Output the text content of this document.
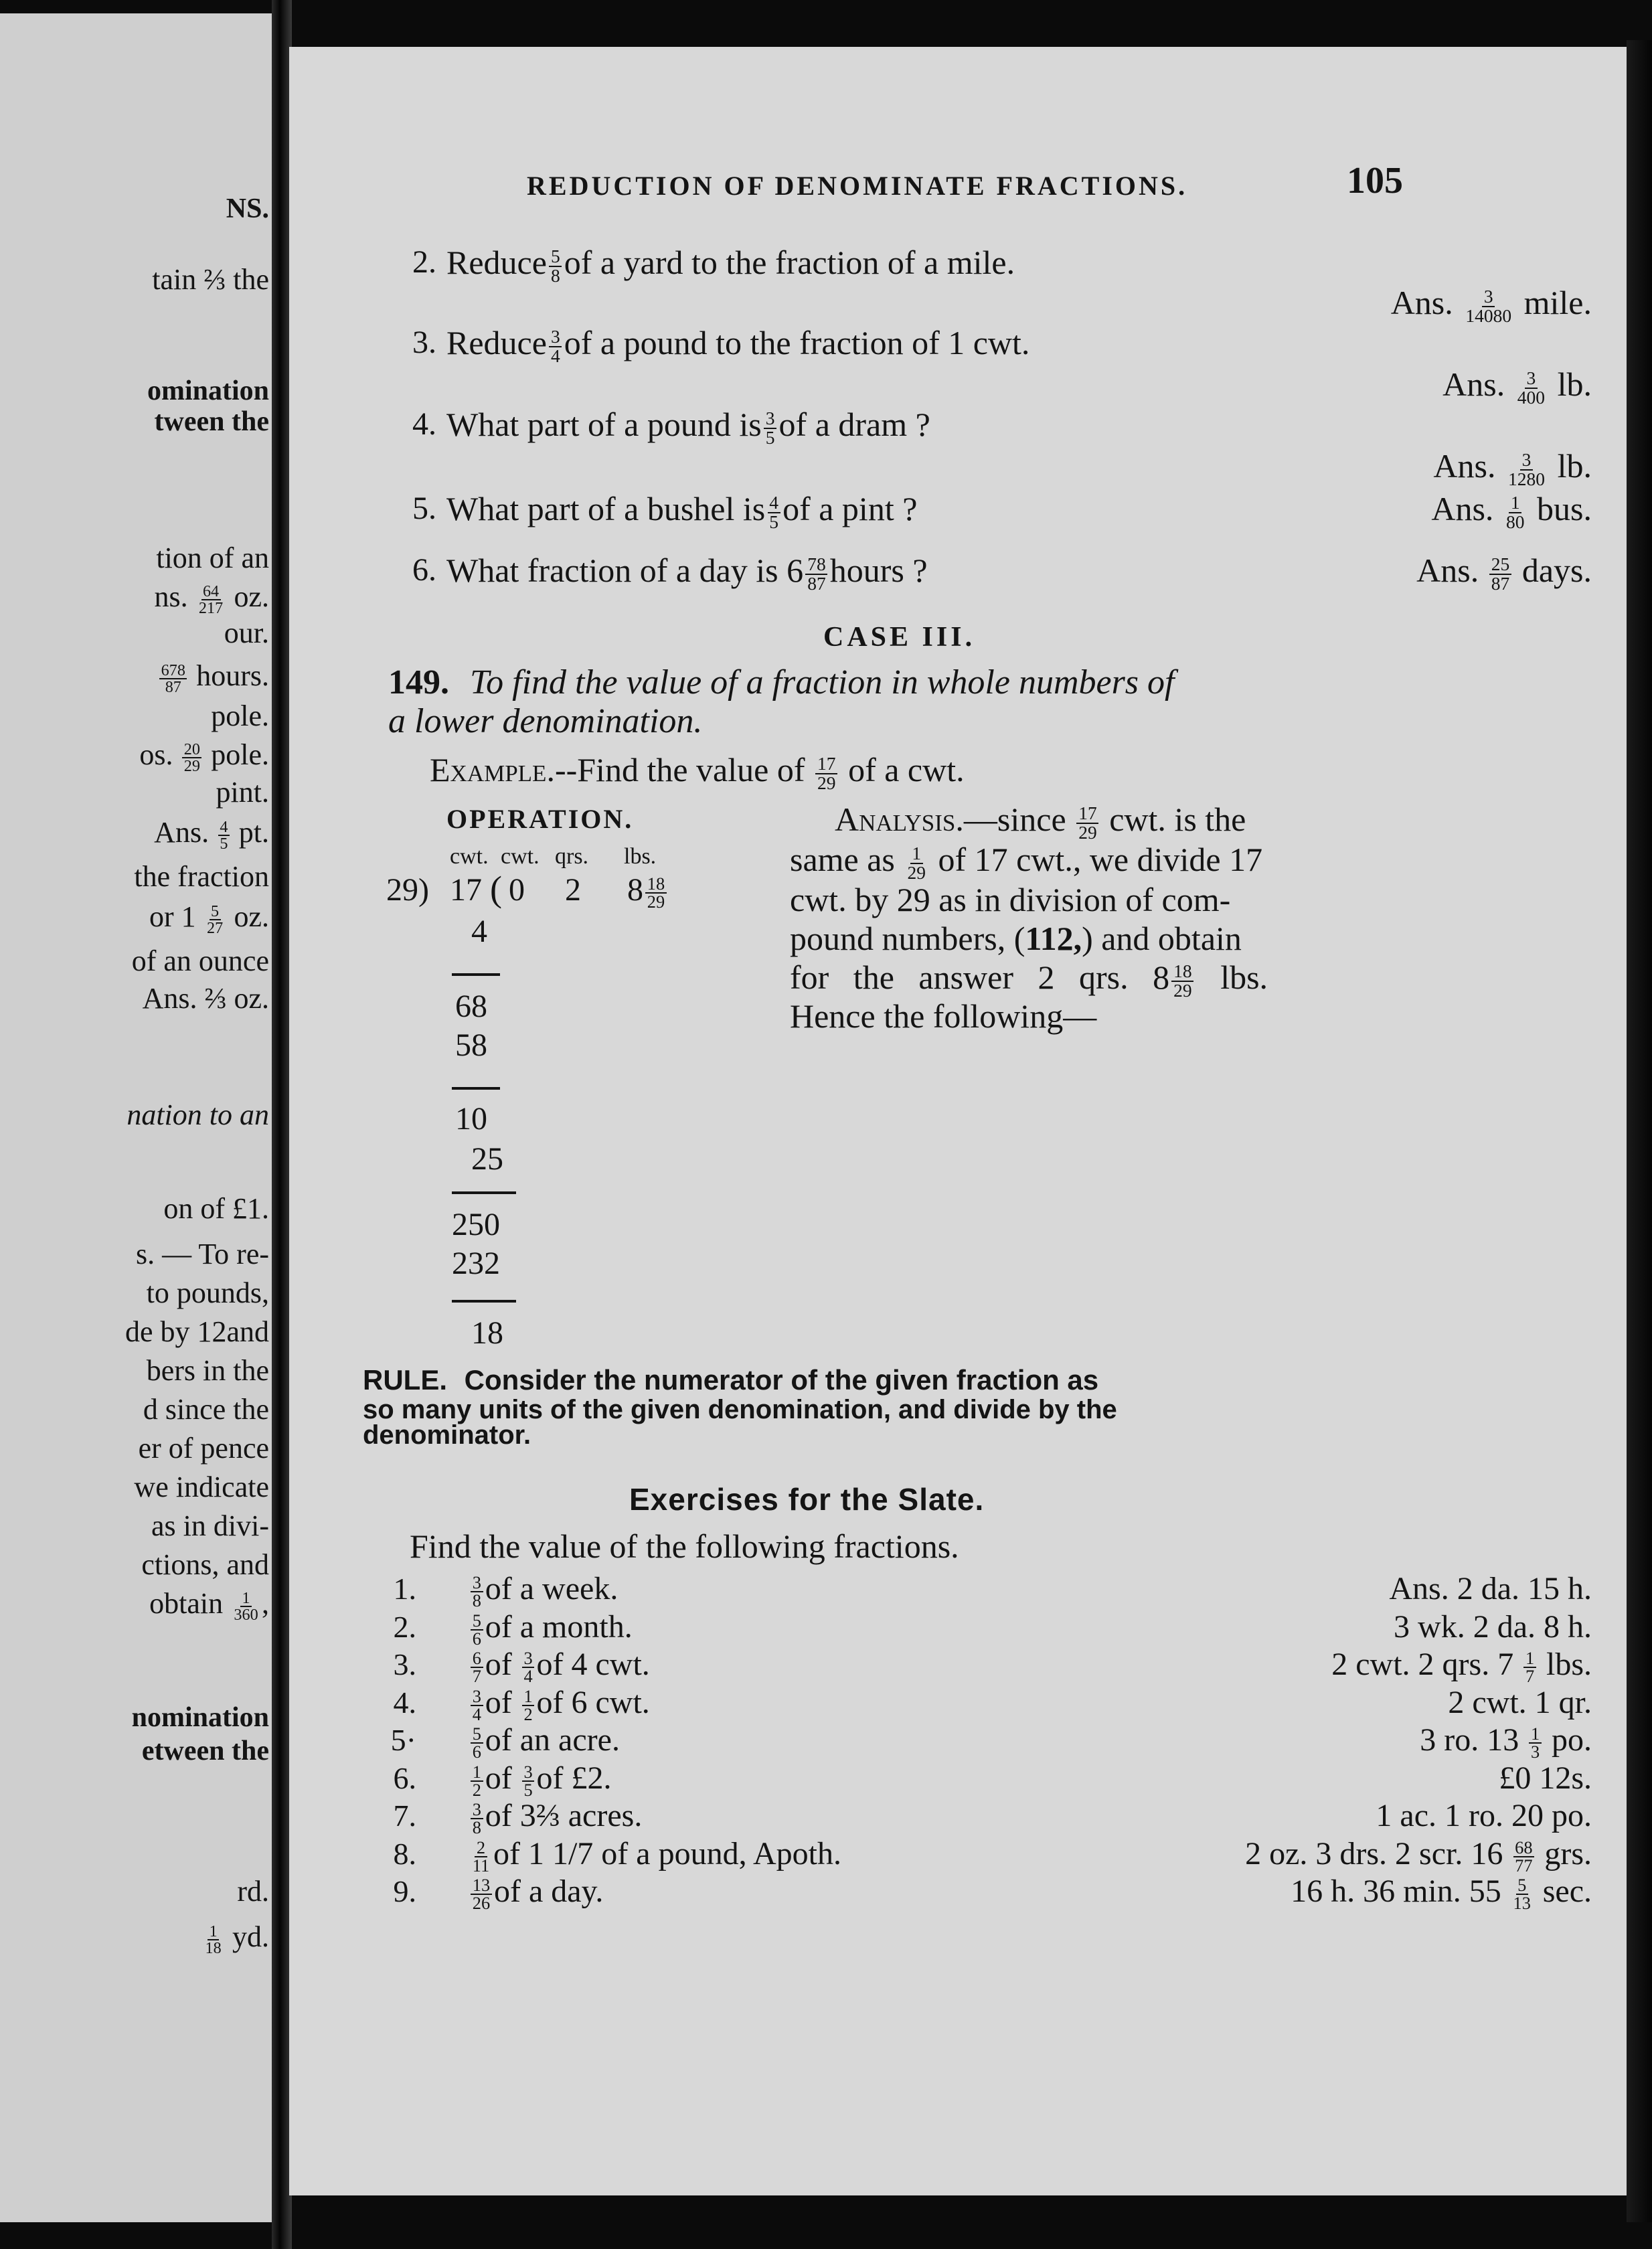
NS.
tain ⅔ the
omination
tween the
tion of an
ns. $\frac{64}{217}$ oz.
our.
$\frac{678}{87}$ hours.
pole.
os. $\frac{20}{29}$ pole.
pint.
Ans. $\frac{4}{5}$ pt.
the fraction
or $1 \frac{5}{27}$ oz.
of an ounce
Ans. ⅔ oz.
nation to an
on of £1.
s. — To re-
to pounds,
de by 12and
bers in the
d since the
er of pence
we indicate
as in divi-
ctions, and
obtain $\frac{1}{360}$ ,
nomination
etween the
rd.
$\frac{1}{18}$ yd.
REDUCTION OF DENOMINATE FRACTIONS.	105
2. Reduce $\frac{5}{8}$ of a yard to the fraction of a mile.
Ans. $\frac{3}{14080}$ mile.
3. Reduce $\frac{3}{4}$ of a pound to the fraction of 1 cwt.
Ans. $\frac{3}{400}$ lb.
4. What part of a pound is $\frac{3}{5}$ of a dram ?
Ans. $\frac{3}{1280}$ lb.
5. What part of a bushel is $\frac{4}{5}$ of a pint ?	Ans. $\frac{1}{80}$ bus.
6. What fraction of a day is $6 \frac{78}{87}$ hours ?	Ans. $\frac{25}{87}$ days.
CASE III.
149. To find the value of a fraction in whole numbers of
a lower denomination.
Example.--Find the value of $\frac{17}{29}$ of a cwt.
OPERATION.
cwt. cwt. qrs. lbs.
29) 17 ( 0 2 $8 \frac{18}{29}$
4
68
58
10
25
250
232
18
Analysis.—since $\frac{17}{29}$ cwt. is the
same as $\frac{1}{29}$ of 17 cwt., we divide 17
cwt. by 29 as in division of com-
pound numbers, (112,) and obtain
for the answer 2 qrs. $8 \frac{18}{29}$ lbs.
Hence the following—
RULE. Consider the numerator of the given fraction as
so many units of the given denomination, and divide by the
denominator.
Exercises for the Slate.
Find the value of the following fractions.
1.	$\frac{3}{8}$ of a week.	Ans. 2 da. 15 h.
2.	$\frac{5}{6}$ of a month.	3 wk. 2 da. 8 h.
3.	$\frac{6}{7}$ of $\frac{3}{4}$ of 4 cwt.	2 cwt. 2 qrs. $7 \frac{1}{7}$ lbs.
4.	$\frac{3}{4}$ of $\frac{1}{2}$ of 6 cwt.	2 cwt. 1 qr.
5·	$\frac{5}{6}$ of an acre.	3 ro. $13 \frac{1}{3}$ po.
6.	$\frac{1}{2}$ of $\frac{3}{5}$ of £2.	£0 12s.
7.	$\frac{3}{8}$ of 3⅔ acres.	1 ac. 1 ro. 20 po.
8.	$\frac{2}{11}$ of 1 1/7 of a pound, Apoth.	2 oz. 3 drs. 2 scr. $16 \frac{68}{77}$ grs.
9.	$\frac{13}{26}$ of a day.	16 h. 36 min. $55 \frac{5}{13} \sec$.
